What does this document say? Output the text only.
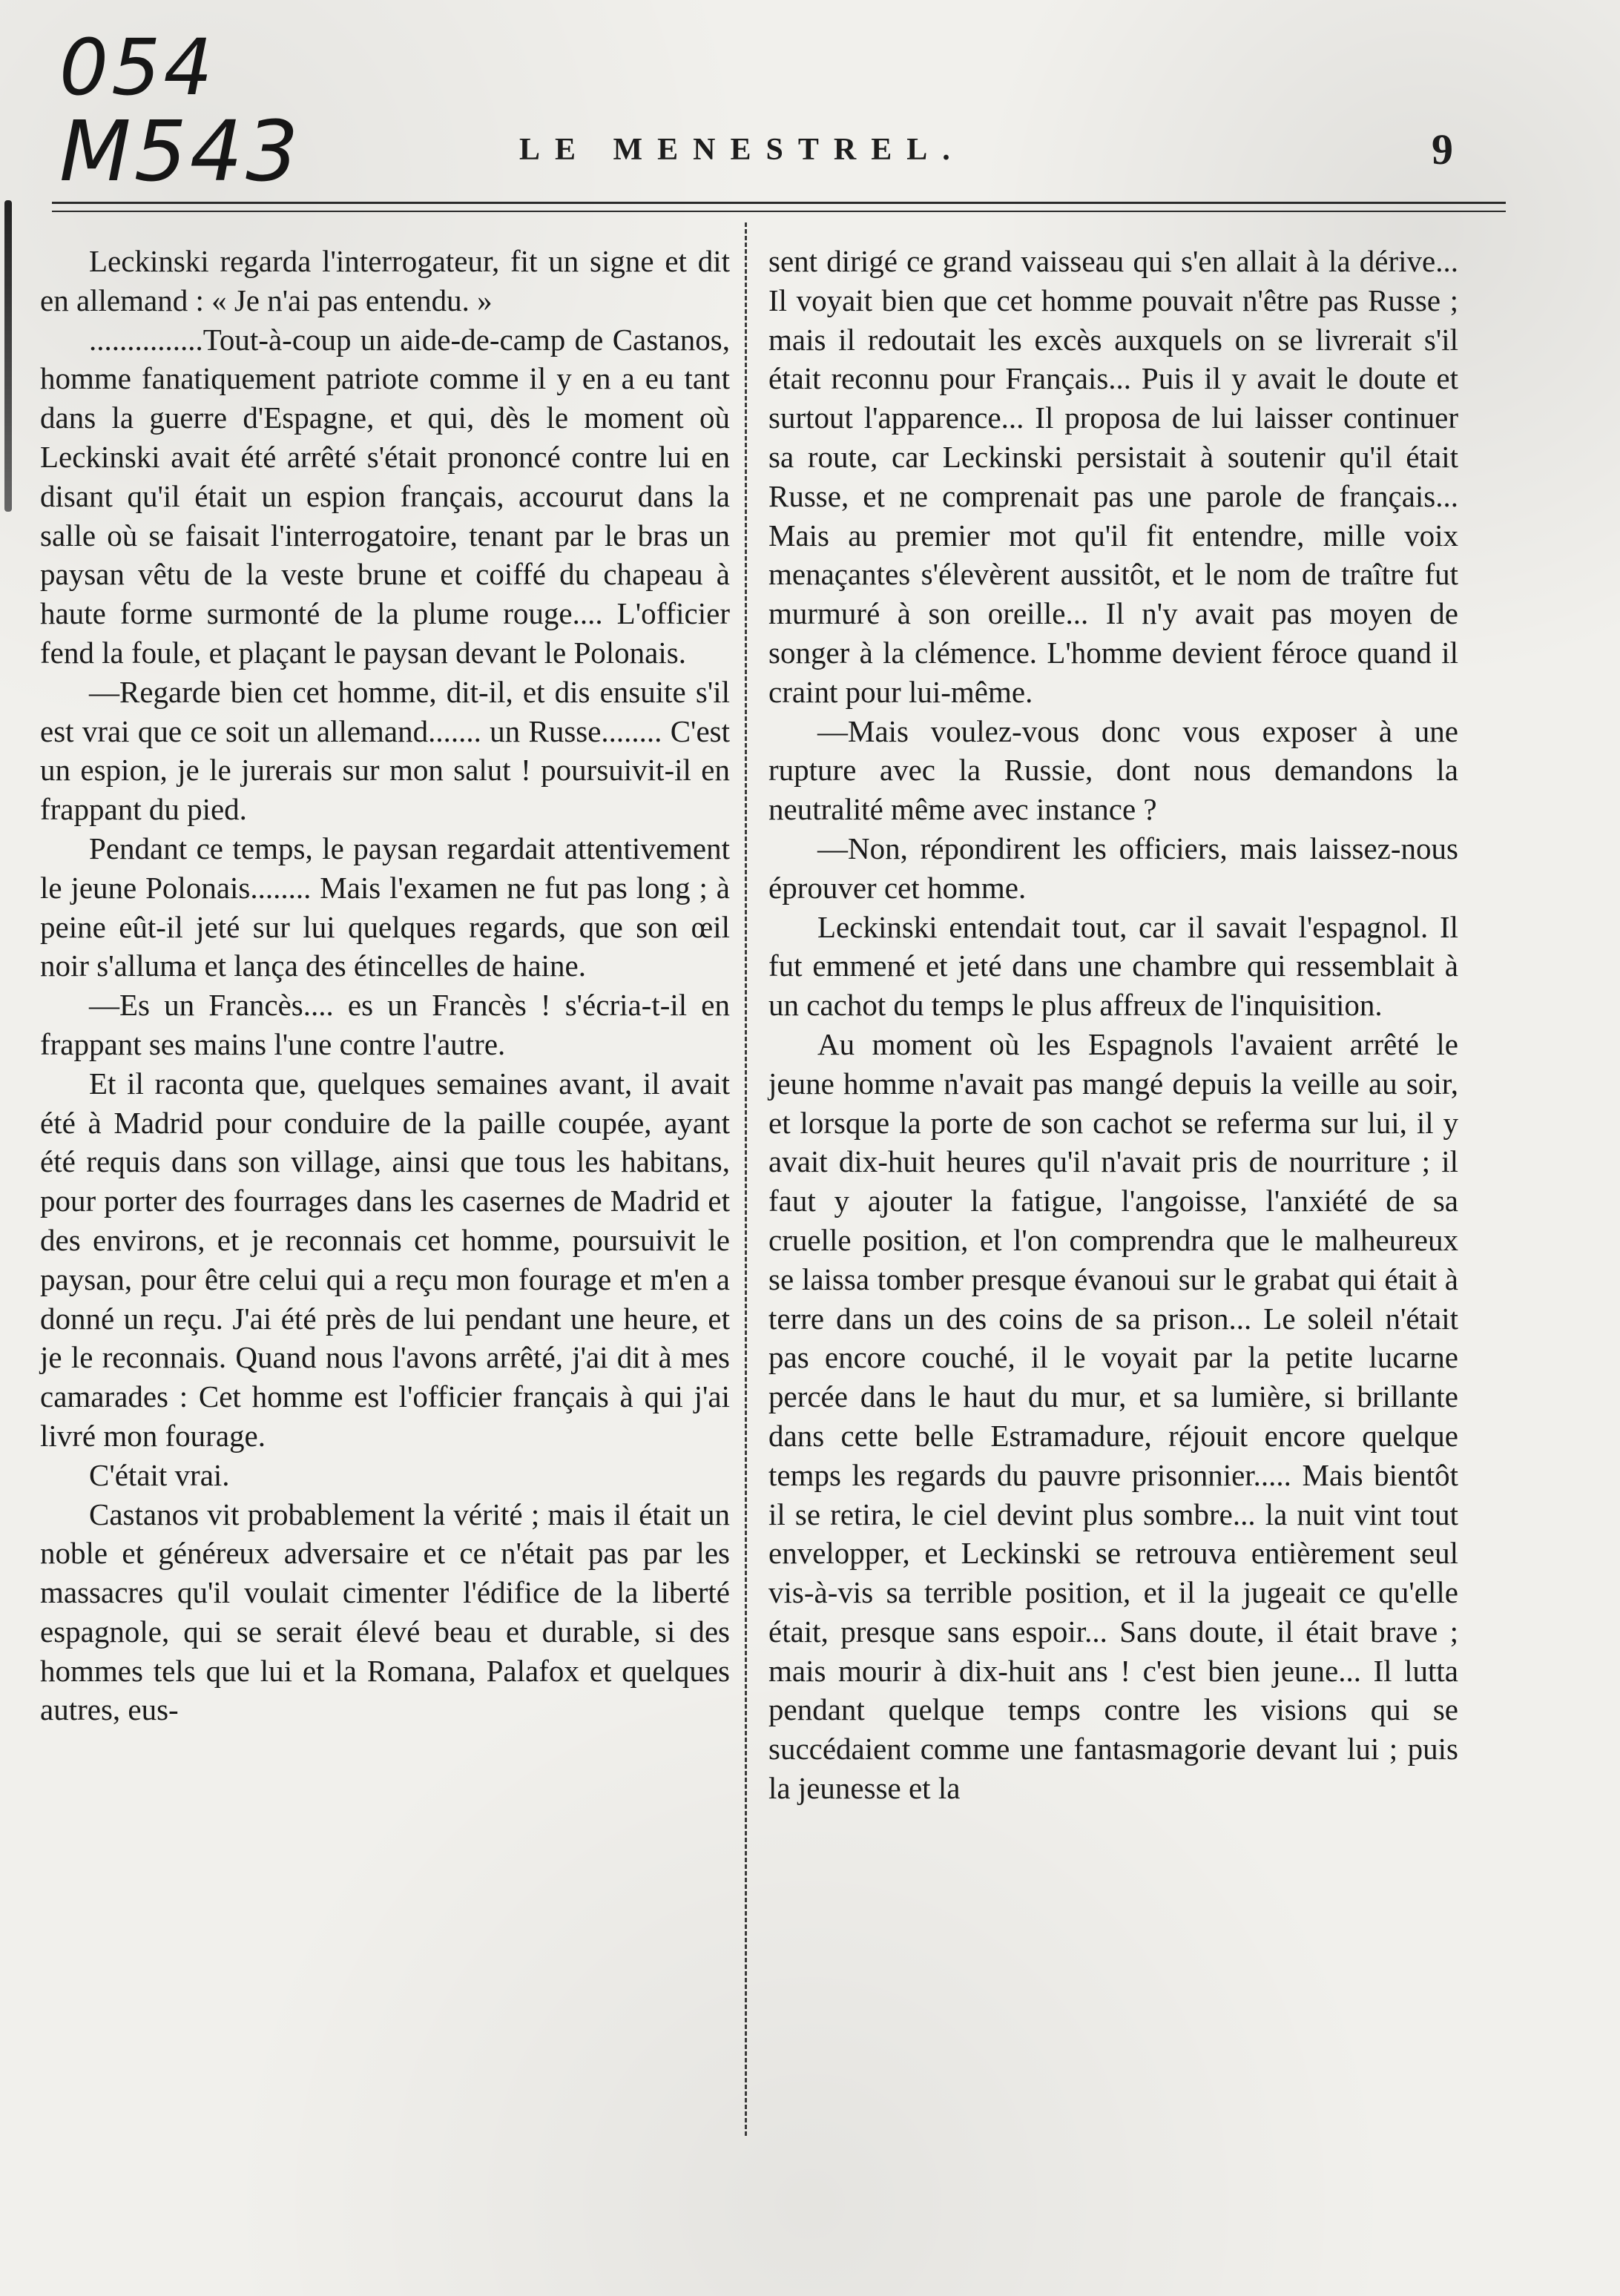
054
M543	LE MENESTREL.	9

Leckinski regarda l'interrogateur, fit un signe et dit en allemand : « Je n'ai pas entendu. »

...............Tout-à-coup un aide-de-camp de Castanos, homme fanatiquement patriote comme il y en a eu tant dans la guerre d'Espagne, et qui, dès le moment où Leckinski avait été arrêté s'était prononcé contre lui en disant qu'il était un espion français, accourut dans la salle où se faisait l'interrogatoire, tenant par le bras un paysan vêtu de la veste brune et coiffé du chapeau à haute forme surmonté de la plume rouge.... L'officier fend la foule, et plaçant le paysan devant le Polonais.

—Regarde bien cet homme, dit-il, et dis ensuite s'il est vrai que ce soit un allemand....... un Russe........ C'est un espion, je le jurerais sur mon salut ! poursuivit-il en frappant du pied.

Pendant ce temps, le paysan regardait attentivement le jeune Polonais........ Mais l'examen ne fut pas long ; à peine eût-il jeté sur lui quelques regards, que son œil noir s'alluma et lança des étincelles de haine.

—Es un Francès.... es un Francès ! s'écria-t-il en frappant ses mains l'une contre l'autre.

Et il raconta que, quelques semaines avant, il avait été à Madrid pour conduire de la paille coupée, ayant été requis dans son village, ainsi que tous les habitans, pour porter des fourrages dans les casernes de Madrid et des environs, et je reconnais cet homme, poursuivit le paysan, pour être celui qui a reçu mon fourage et m'en a donné un reçu. J'ai été près de lui pendant une heure, et je le reconnais. Quand nous l'avons arrêté, j'ai dit à mes camarades : Cet homme est l'officier français à qui j'ai livré mon fourage.

C'était vrai.

Castanos vit probablement la vérité ; mais il était un noble et généreux adversaire et ce n'était pas par les massacres qu'il voulait cimenter l'édifice de la liberté espagnole, qui se serait élevé beau et durable, si des hommes tels que lui et la Romana, Palafox et quelques autres, eus-

sent dirigé ce grand vaisseau qui s'en allait à la dérive... Il voyait bien que cet homme pouvait n'être pas Russe ; mais il redoutait les excès auxquels on se livrerait s'il était reconnu pour Français... Puis il y avait le doute et surtout l'apparence... Il proposa de lui laisser continuer sa route, car Leckinski persistait à soutenir qu'il était Russe, et ne comprenait pas une parole de français... Mais au premier mot qu'il fit entendre, mille voix menaçantes s'élevèrent aussitôt, et le nom de traître fut murmuré à son oreille... Il n'y avait pas moyen de songer à la clémence. L'homme devient féroce quand il craint pour lui-même.

—Mais voulez-vous donc vous exposer à une rupture avec la Russie, dont nous demandons la neutralité même avec instance ?

—Non, répondirent les officiers, mais laissez-nous éprouver cet homme.

Leckinski entendait tout, car il savait l'espagnol. Il fut emmené et jeté dans une chambre qui ressemblait à un cachot du temps le plus affreux de l'inquisition.

Au moment où les Espagnols l'avaient arrêté le jeune homme n'avait pas mangé depuis la veille au soir, et lorsque la porte de son cachot se referma sur lui, il y avait dix-huit heures qu'il n'avait pris de nourriture ; il faut y ajouter la fatigue, l'angoisse, l'anxiété de sa cruelle position, et l'on comprendra que le malheureux se laissa tomber presque évanoui sur le grabat qui était à terre dans un des coins de sa prison... Le soleil n'était pas encore couché, il le voyait par la petite lucarne percée dans le haut du mur, et sa lumière, si brillante dans cette belle Estramadure, réjouit encore quelque temps les regards du pauvre prisonnier..... Mais bientôt il se retira, le ciel devint plus sombre... la nuit vint tout envelopper, et Leckinski se retrouva entièrement seul vis-à-vis sa terrible position, et il la jugeait ce qu'elle était, presque sans espoir... Sans doute, il était brave ; mais mourir à dix-huit ans ! c'est bien jeune... Il lutta pendant quelque temps contre les visions qui se succédaient comme une fantasmagorie devant lui ; puis la jeunesse et la
